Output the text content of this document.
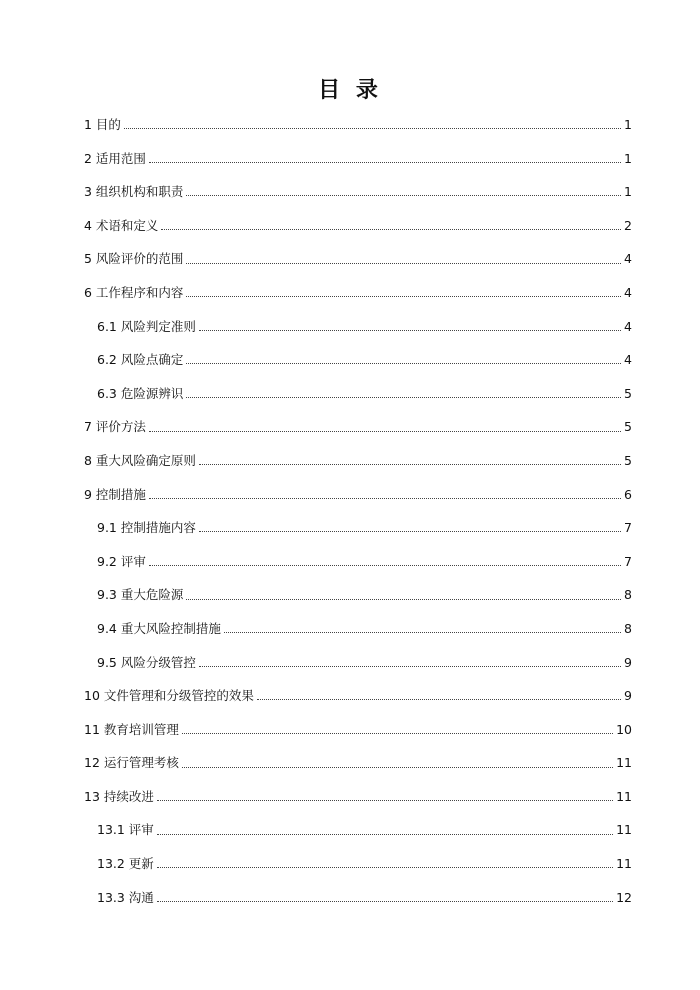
目 录
1 目的	1
2 适用范围	1
3 组织机构和职责	1
4 术语和定义	2
5 风险评价的范围	4
6 工作程序和内容	4
6.1 风险判定准则	4
6.2 风险点确定	4
6.3 危险源辨识	5
7 评价方法	5
8 重大风险确定原则	5
9 控制措施	6
9.1 控制措施内容	7
9.2 评审	7
9.3 重大危险源	8
9.4 重大风险控制措施	8
9.5 风险分级管控	9
10 文件管理和分级管控的效果	9
11 教育培训管理	10
12 运行管理考核	11
13 持续改进	11
13.1 评审	11
13.2 更新	11
13.3 沟通	12
